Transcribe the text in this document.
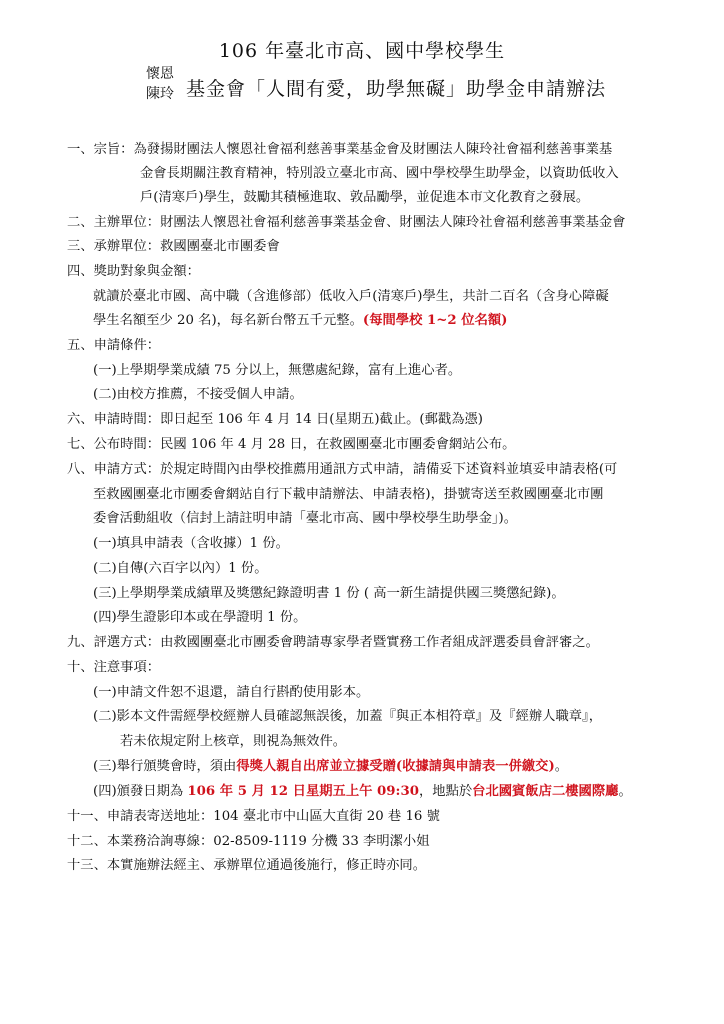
106 年臺北市高、國中學校學生
懷恩
陳玲 基金會「人間有愛，助學無礙」助學金申請辦法
一、宗旨：為發揚財團法人懷恩社會福利慈善事業基金會及財團法人陳玲社會福利慈善事業基
金會長期關注教育精神，特別設立臺北市高、國中學校學生助學金，以資助低收入
戶(清寒戶)學生，鼓勵其積極進取、敦品勵學，並促進本市文化教育之發展。
二、主辦單位：財團法人懷恩社會福利慈善事業基金會、財團法人陳玲社會福利慈善事業基金會
三、承辦單位：救國團臺北市團委會
四、獎助對象與金額：
就讀於臺北市國、高中職（含進修部）低收入戶(清寒戶)學生，共計二百名（含身心障礙
學生名額至少 20 名)，每名新台幣五千元整。(每間學校 1~2 位名額)
五、申請條件：
(一)上學期學業成績 75 分以上，無懲處紀錄，富有上進心者。
(二)由校方推薦，不接受個人申請。
六、申請時間：即日起至 106 年 4 月 14 日(星期五)截止。(郵戳為憑)
七、公布時間：民國 106 年 4 月 28 日，在救國團臺北市團委會網站公布。
八、申請方式：於規定時間內由學校推薦用通訊方式申請，請備妥下述資料並填妥申請表格(可
至救國團臺北市團委會網站自行下載申請辦法、申請表格)，掛號寄送至救國團臺北市團
委會活動組收（信封上請註明申請「臺北市高、國中學校學生助學金」)。
(一)填具申請表（含收據）1 份。
(二)自傳(六百字以內）1 份。
(三)上學期學業成績單及獎懲紀錄證明書 1 份 ( 高一新生請提供國三獎懲紀錄)。
(四)學生證影印本或在學證明 1 份。
九、評選方式：由救國團臺北市團委會聘請專家學者暨實務工作者組成評選委員會評審之。
十、注意事項：
(一)申請文件恕不退還，請自行斟酌使用影本。
(二)影本文件需經學校經辦人員確認無誤後，加蓋『與正本相符章』及『經辦人職章』，
若未依規定附上核章，則視為無效件。
(三)舉行頒獎會時，須由得獎人親自出席並立據受贈(收據請與申請表一併繳交)。
(四)頒發日期為 106 年 5 月 12 日星期五上午 09:30，地點於台北國賓飯店二樓國際廳。
十一、申請表寄送地址：104 臺北市中山區大直街 20 巷 16 號
十二、本業務洽詢專線：02-8509-1119 分機 33 李明潔小姐
十三、本實施辦法經主、承辦單位通過後施行，修正時亦同。
